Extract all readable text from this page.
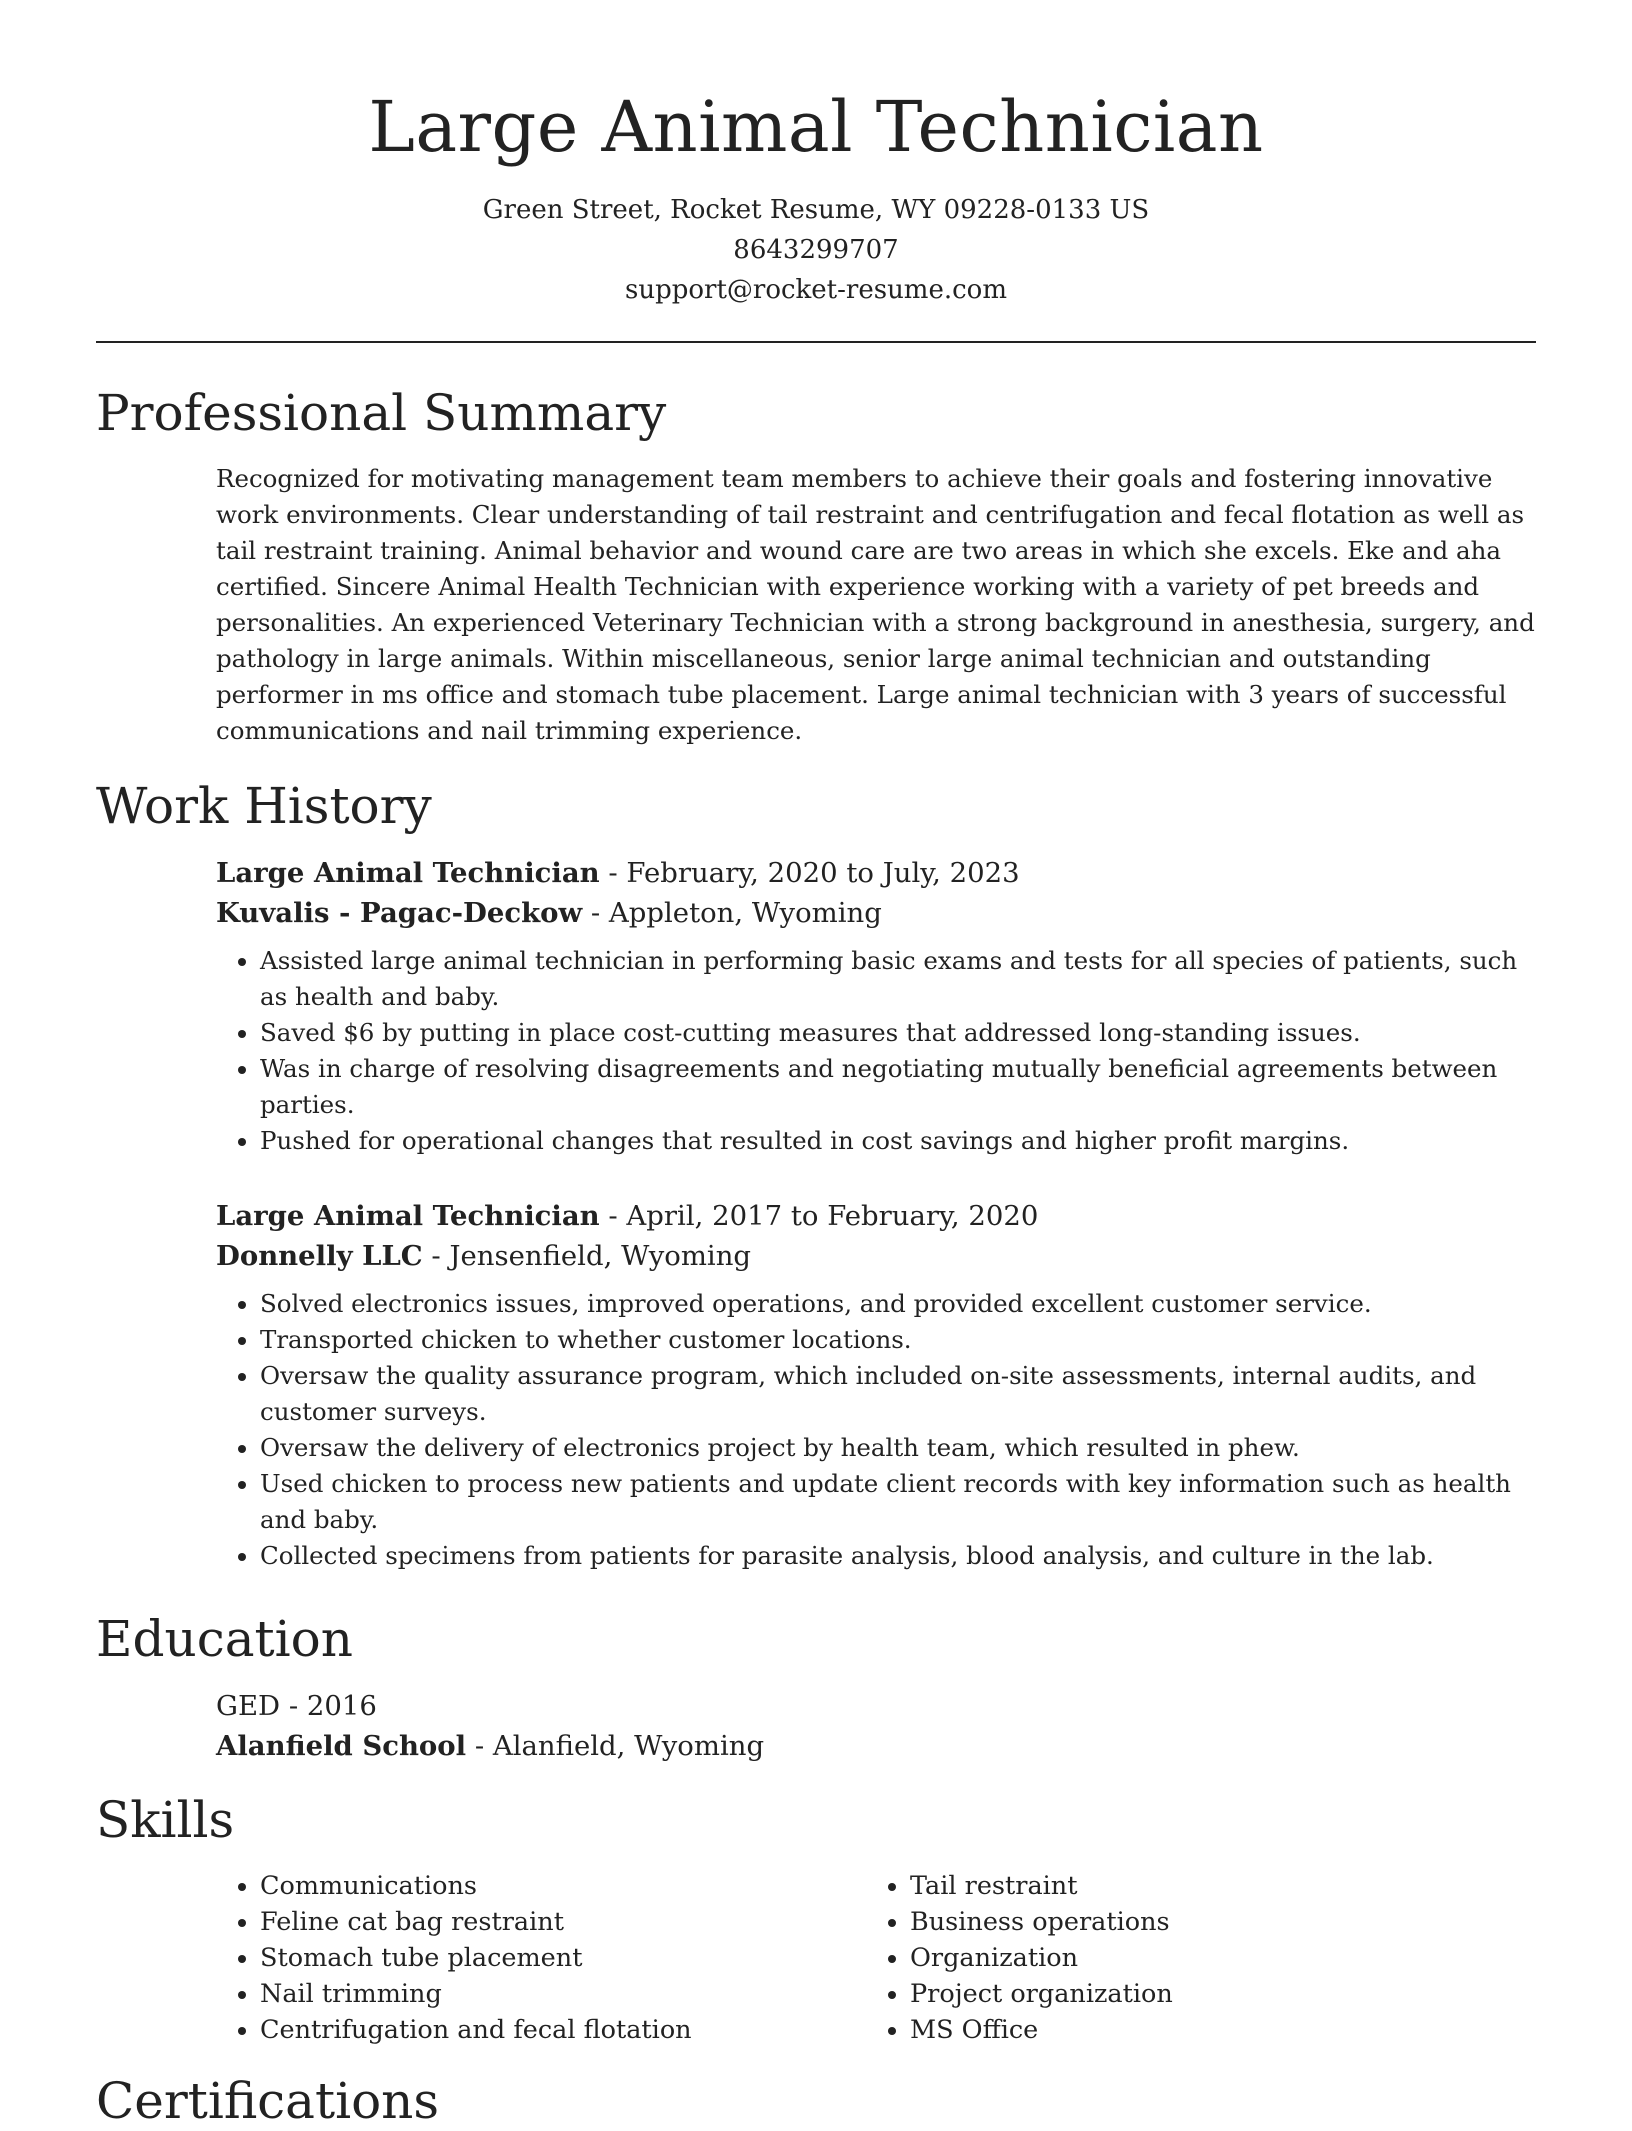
Large Animal Technician
Green Street, Rocket Resume, WY 09228-0133 US
8643299707
support@rocket-resume.com
Professional Summary

Recognized for motivating management team members to achieve their goals and fostering innovative work environments. Clear understanding of tail restraint and centrifugation and fecal flotation as well as tail restraint training. Animal behavior and wound care are two areas in which she excels. Eke and aha certified. Sincere Animal Health Technician with experience working with a variety of pet breeds and personalities. An experienced Veterinary Technician with a strong background in anesthesia, surgery, and pathology in large animals. Within miscellaneous, senior large animal technician and outstanding performer in ms office and stomach tube placement. Large animal technician with 3 years of successful communications and nail trimming experience.

Work History

Large Animal Technician - February, 2020 to July, 2023

Kuvalis - Pagac-Deckow - Appleton, Wyoming

• Assisted large animal technician in performing basic exams and tests for all species of patients, such as health and baby.
• Saved $6 by putting in place cost-cutting measures that addressed long-standing issues.
• Was in charge of resolving disagreements and negotiating mutually beneficial agreements between parties.
• Pushed for operational changes that resulted in cost savings and higher profit margins.

Large Animal Technician - April, 2017 to February, 2020

Donnelly LLC - Jensenfield, Wyoming

• Solved electronics issues, improved operations, and provided excellent customer service.
• Transported chicken to whether customer locations.
• Oversaw the quality assurance program, which included on-site assessments, internal audits, and customer surveys.
• Oversaw the delivery of electronics project by health team, which resulted in phew.
• Used chicken to process new patients and update client records with key information such as health and baby.
• Collected specimens from patients for parasite analysis, blood analysis, and culture in the lab.
Education

GED - 2016

Alanfield School - Alanfield, Wyoming

Skills
• Communications
• Feline cat bag restraint
• Stomach tube placement
• Nail trimming
• Centrifugation and fecal flotation
• Tail restraint
• Business operations
• Organization
• Project organization
• MS Office
Certifications
